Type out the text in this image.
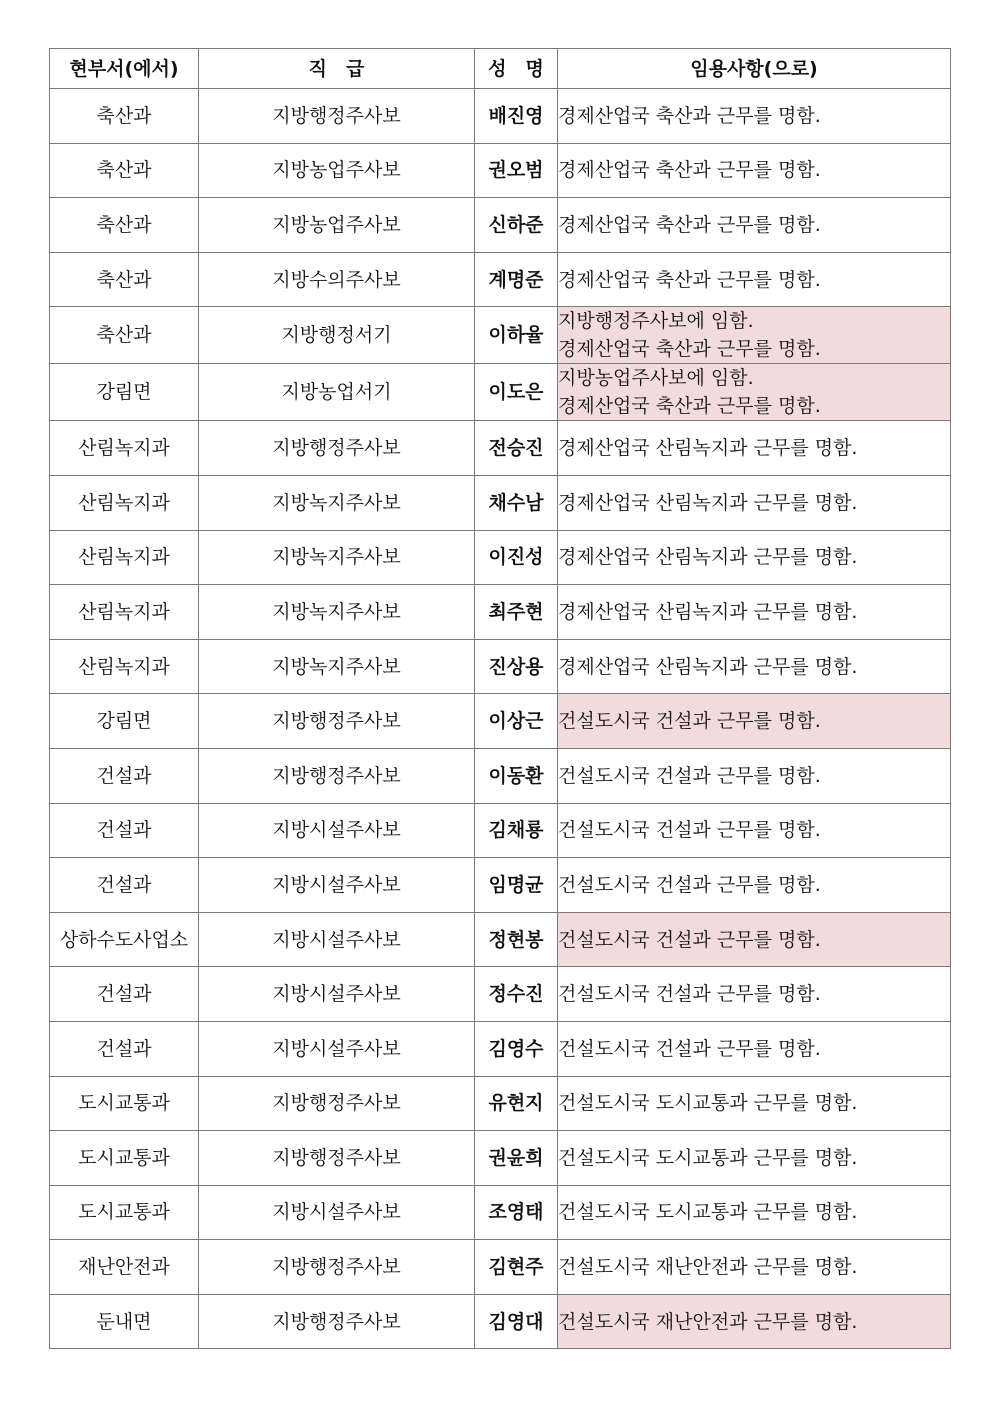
현부서(에서)	직　급	성　명	임용사항(으로)
축산과	지방행정주사보	배진영	경제산업국 축산과 근무를 명함.
축산과	지방농업주사보	권오범	경제산업국 축산과 근무를 명함.
축산과	지방농업주사보	신하준	경제산업국 축산과 근무를 명함.
축산과	지방수의주사보	계명준	경제산업국 축산과 근무를 명함.
축산과	지방행정서기	이하율	지방행정주사보에 임함.
경제산업국 축산과 근무를 명함.

강림면	지방농업서기	이도은	지방농업주사보에 임함.
경제산업국 축산과 근무를 명함.

산림녹지과	지방행정주사보	전승진	경제산업국 산림녹지과 근무를 명함.
산림녹지과	지방녹지주사보	채수남	경제산업국 산림녹지과 근무를 명함.
산림녹지과	지방녹지주사보	이진성	경제산업국 산림녹지과 근무를 명함.
산림녹지과	지방녹지주사보	최주현	경제산업국 산림녹지과 근무를 명함.
산림녹지과	지방녹지주사보	진상용	경제산업국 산림녹지과 근무를 명함.
강림면	지방행정주사보	이상근	건설도시국 건설과 근무를 명함.
건설과	지방행정주사보	이동환	건설도시국 건설과 근무를 명함.
건설과	지방시설주사보	김채룡	건설도시국 건설과 근무를 명함.
건설과	지방시설주사보	임명균	건설도시국 건설과 근무를 명함.
상하수도사업소	지방시설주사보	정현봉	건설도시국 건설과 근무를 명함.
건설과	지방시설주사보	정수진	건설도시국 건설과 근무를 명함.
건설과	지방시설주사보	김영수	건설도시국 건설과 근무를 명함.
도시교통과	지방행정주사보	유현지	건설도시국 도시교통과 근무를 명함.
도시교통과	지방행정주사보	권윤희	건설도시국 도시교통과 근무를 명함.
도시교통과	지방시설주사보	조영태	건설도시국 도시교통과 근무를 명함.
재난안전과	지방행정주사보	김현주	건설도시국 재난안전과 근무를 명함.
둔내면	지방행정주사보	김영대	건설도시국 재난안전과 근무를 명함.
